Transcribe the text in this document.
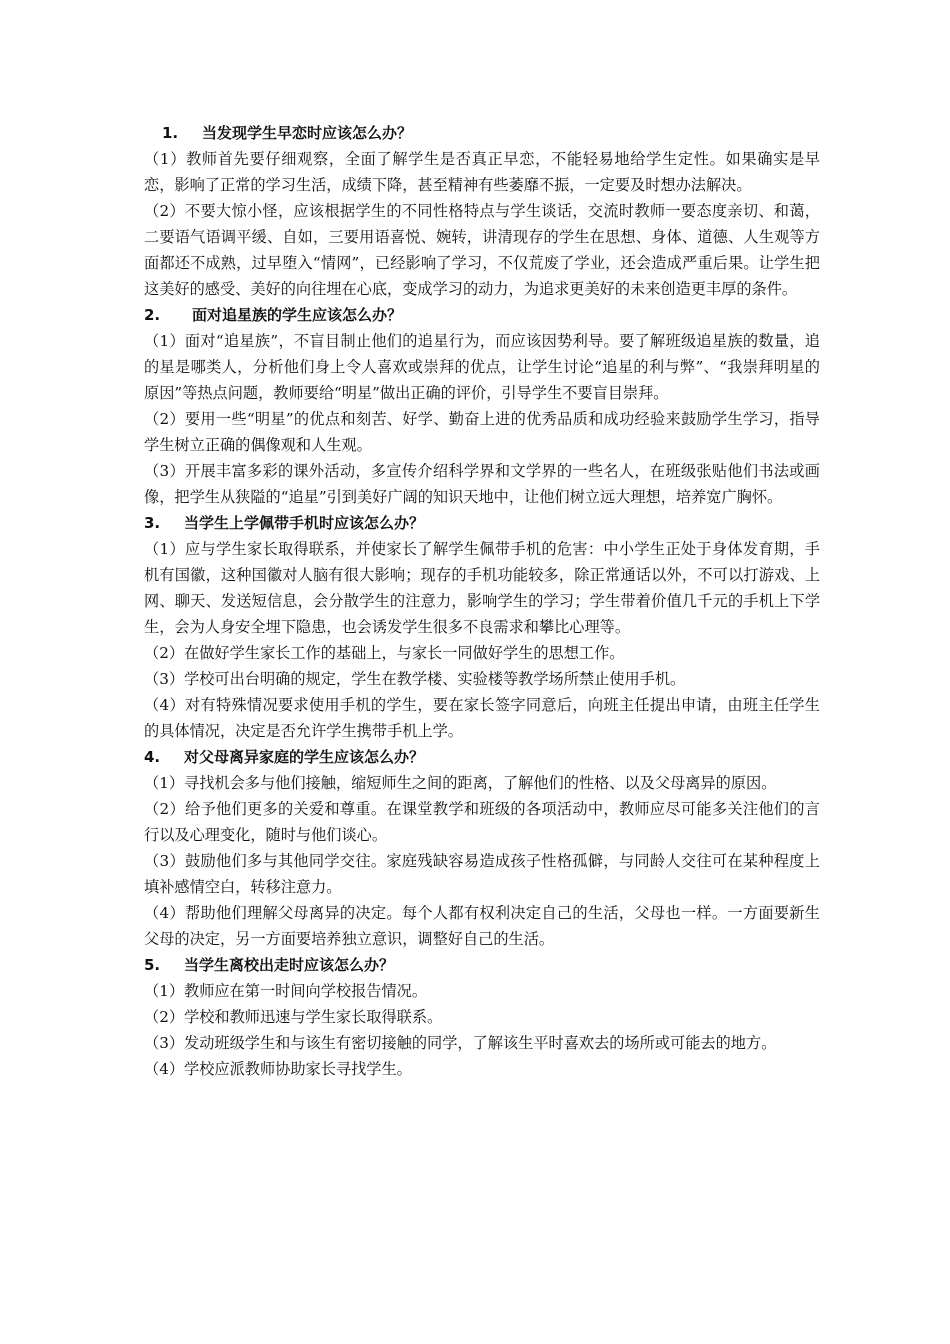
1. 当发现学生早恋时应该怎么办？

（1）教师首先要仔细观察，全面了解学生是否真正早恋，不能轻易地给学生定性。如果确实是早恋，影响了正常的学习生活，成绩下降，甚至精神有些萎靡不振，一定要及时想办法解决。

（2）不要大惊小怪，应该根据学生的不同性格特点与学生谈话，交流时教师一要态度亲切、和蔼，二要语气语调平缓、自如，三要用语喜悦、婉转，讲清现存的学生在思想、身体、道德、人生观等方面都还不成熟，过早堕入“情网”，已经影响了学习，不仅荒废了学业，还会造成严重后果。让学生把这美好的感受、美好的向往埋在心底，变成学习的动力，为追求更美好的未来创造更丰厚的条件。

2. 面对追星族的学生应该怎么办？

（1）面对“追星族”，不盲目制止他们的追星行为，而应该因势利导。要了解班级追星族的数量，追的星是哪类人，分析他们身上令人喜欢或崇拜的优点，让学生讨论“追星的利与弊”、“我崇拜明星的原因”等热点问题，教师要给“明星”做出正确的评价，引导学生不要盲目崇拜。

（2）要用一些“明星”的优点和刻苦、好学、勤奋上进的优秀品质和成功经验来鼓励学生学习，指导学生树立正确的偶像观和人生观。

（3）开展丰富多彩的课外活动，多宣传介绍科学界和文学界的一些名人，在班级张贴他们书法或画像，把学生从狭隘的“追星”引到美好广阔的知识天地中，让他们树立远大理想，培养宽广胸怀。

3. 当学生上学佩带手机时应该怎么办？

（1）应与学生家长取得联系，并使家长了解学生佩带手机的危害：中小学生正处于身体发育期，手机有国徽，这种国徽对人脑有很大影响；现存的手机功能较多，除正常通话以外，不可以打游戏、上网、聊天、发送短信息，会分散学生的注意力，影响学生的学习；学生带着价值几千元的手机上下学生，会为人身安全埋下隐患，也会诱发学生很多不良需求和攀比心理等。

（2）在做好学生家长工作的基础上，与家长一同做好学生的思想工作。

（3）学校可出台明确的规定，学生在教学楼、实验楼等教学场所禁止使用手机。

（4）对有特殊情况要求使用手机的学生，要在家长签字同意后，向班主任提出申请，由班主任学生的具体情况，决定是否允许学生携带手机上学。

4. 对父母离异家庭的学生应该怎么办？

（1）寻找机会多与他们接触，缩短师生之间的距离，了解他们的性格、以及父母离异的原因。

（2）给予他们更多的关爱和尊重。在课堂教学和班级的各项活动中，教师应尽可能多关注他们的言行以及心理变化，随时与他们谈心。

（3）鼓励他们多与其他同学交往。家庭残缺容易造成孩子性格孤僻，与同龄人交往可在某种程度上填补感情空白，转移注意力。

（4）帮助他们理解父母离异的决定。每个人都有权利决定自己的生活，父母也一样。一方面要新生父母的决定，另一方面要培养独立意识，调整好自己的生活。

5. 当学生离校出走时应该怎么办？

（1）教师应在第一时间向学校报告情况。

（2）学校和教师迅速与学生家长取得联系。

（3）发动班级学生和与该生有密切接触的同学，了解该生平时喜欢去的场所或可能去的地方。

（4）学校应派教师协助家长寻找学生。
